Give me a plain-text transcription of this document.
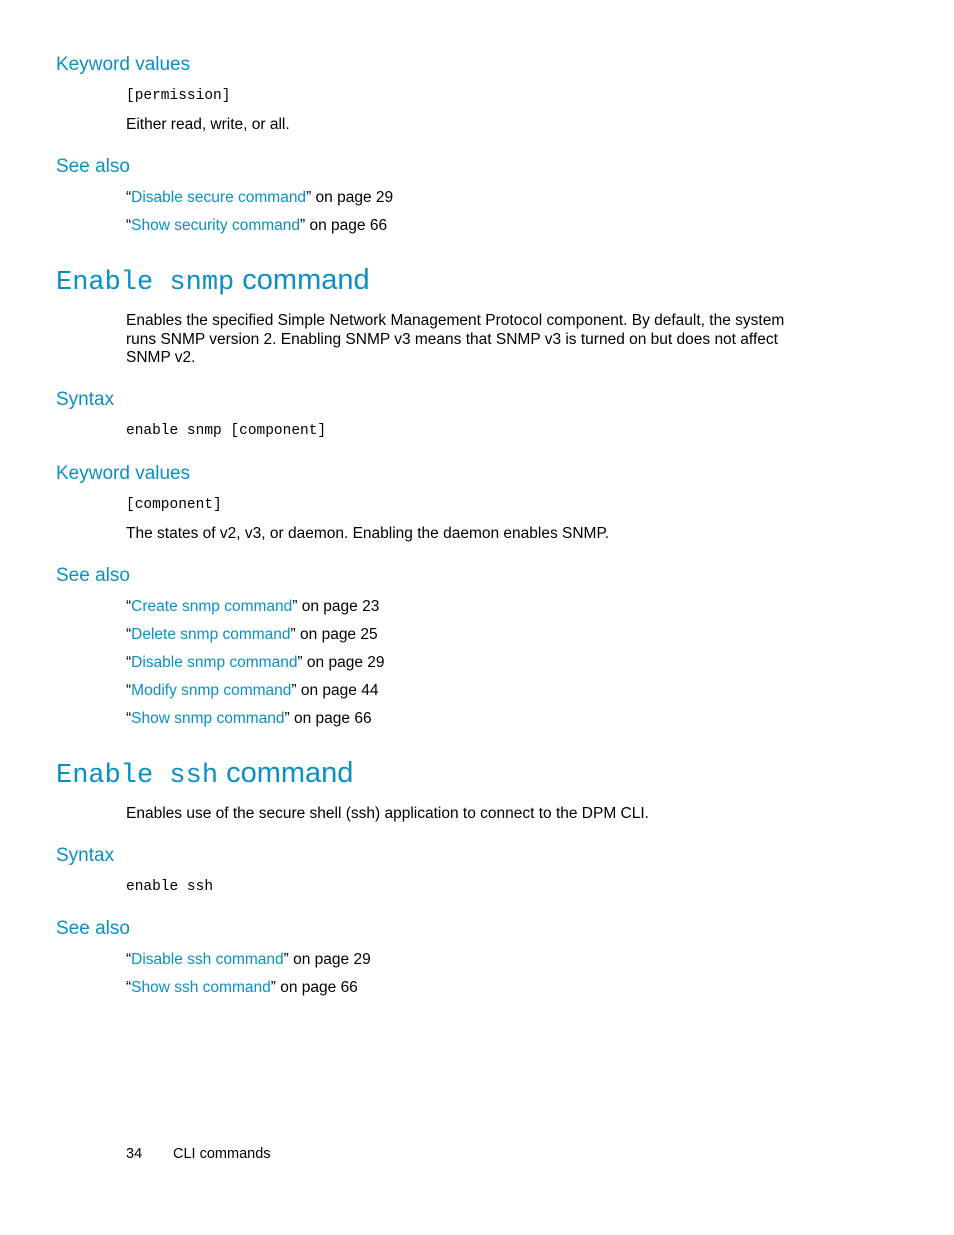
Keyword values
[permission]
Either read, write, or all.
See also
“Disable secure command” on page 29
“Show security command” on page 66
Enable snmp command
Enables the specified Simple Network Management Protocol component. By default, the system runs SNMP version 2. Enabling SNMP v3 means that SNMP v3 is turned on but does not affect SNMP v2.
Syntax
enable snmp [component]
Keyword values
[component]
The states of v2, v3, or daemon. Enabling the daemon enables SNMP.
See also
“Create snmp command” on page 23
“Delete snmp command” on page 25
“Disable snmp command” on page 29
“Modify snmp command” on page 44
“Show snmp command” on page 66
Enable ssh command
Enables use of the secure shell (ssh) application to connect to the DPM CLI.
Syntax
enable ssh
See also
“Disable ssh command” on page 29
“Show ssh command” on page 66
34 CLI commands
